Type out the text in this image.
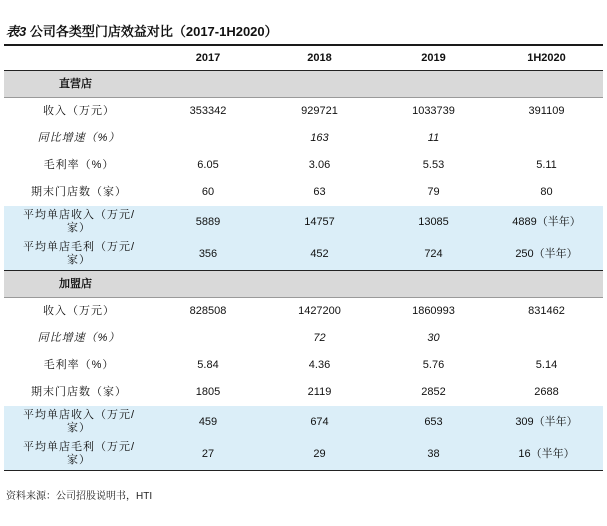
表3 公司各类型门店效益对比（2017-1H2020）
	2017	2018	2019	1H2020
直营店				
收入（万元）	353342	929721	1033739	391109
同比增速（%）		163	11	
毛利率（%）	6.05	3.06	5.53	5.11
期末门店数（家）	60	63	79	80
平均单店收入（万元/
家）	5889	14757	13085	4889（半年）
平均单店毛利（万元/
家）	356	452	724	250（半年）
加盟店				
收入（万元）	828508	1427200	1860993	831462
同比增速（%）		72	30	
毛利率（%）	5.84	4.36	5.76	5.14
期末门店数（家）	1805	2119	2852	2688
平均单店收入（万元/
家）	459	674	653	309（半年）
平均单店毛利（万元/
家）	27	29	38	16（半年）
资料来源：公司招股说明书，HTI
